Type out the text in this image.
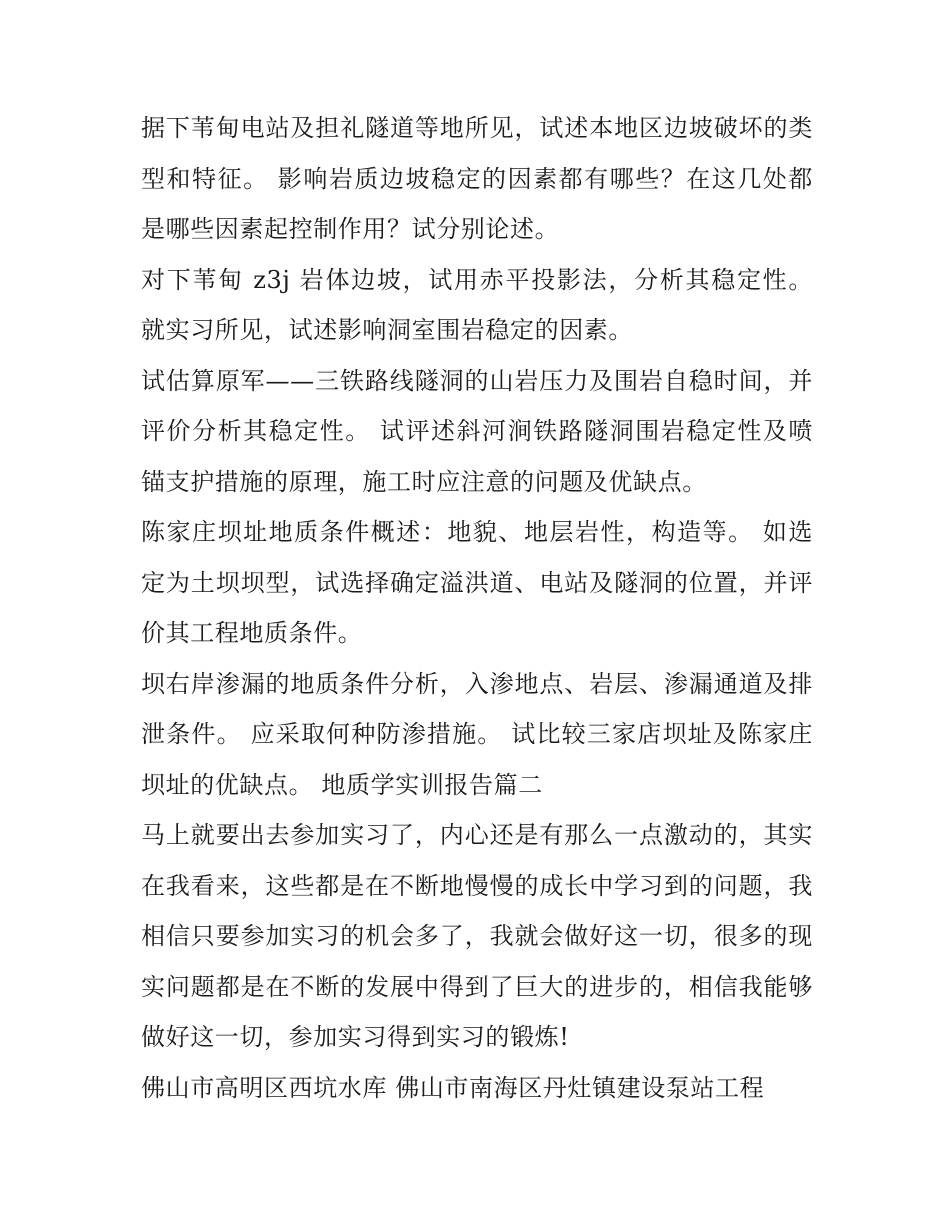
据下苇甸电站及担礼隧道等地所见，试述本地区边坡破坏的类型和特征。 影响岩质边坡稳定的因素都有哪些？在这几处都是哪些因素起控制作用？试分别论述。

对下苇甸 z3j 岩体边坡，试用赤平投影法，分析其稳定性。 就实习所见，试述影响洞室围岩稳定的因素。

试估算原军——三铁路线隧洞的山岩压力及围岩自稳时间，并评价分析其稳定性。 试评述斜河涧铁路隧洞围岩稳定性及喷锚支护措施的原理，施工时应注意的问题及优缺点。

陈家庄坝址地质条件概述：地貌、地层岩性，构造等。 如选定为土坝坝型，试选择确定溢洪道、电站及隧洞的位置，并评价其工程地质条件。

坝右岸渗漏的地质条件分析，入渗地点、岩层、渗漏通道及排泄条件。 应采取何种防渗措施。 试比较三家店坝址及陈家庄坝址的优缺点。 地质学实训报告篇二

马上就要出去参加实习了，内心还是有那么一点激动的，其实在我看来，这些都是在不断地慢慢的成长中学习到的问题，我相信只要参加实习的机会多了，我就会做好这一切，很多的现实问题都是在不断的发展中得到了巨大的进步的，相信我能够做好这一切，参加实习得到实习的锻炼!

佛山市高明区西坑水库 佛山市南海区丹灶镇建设泵站工程
